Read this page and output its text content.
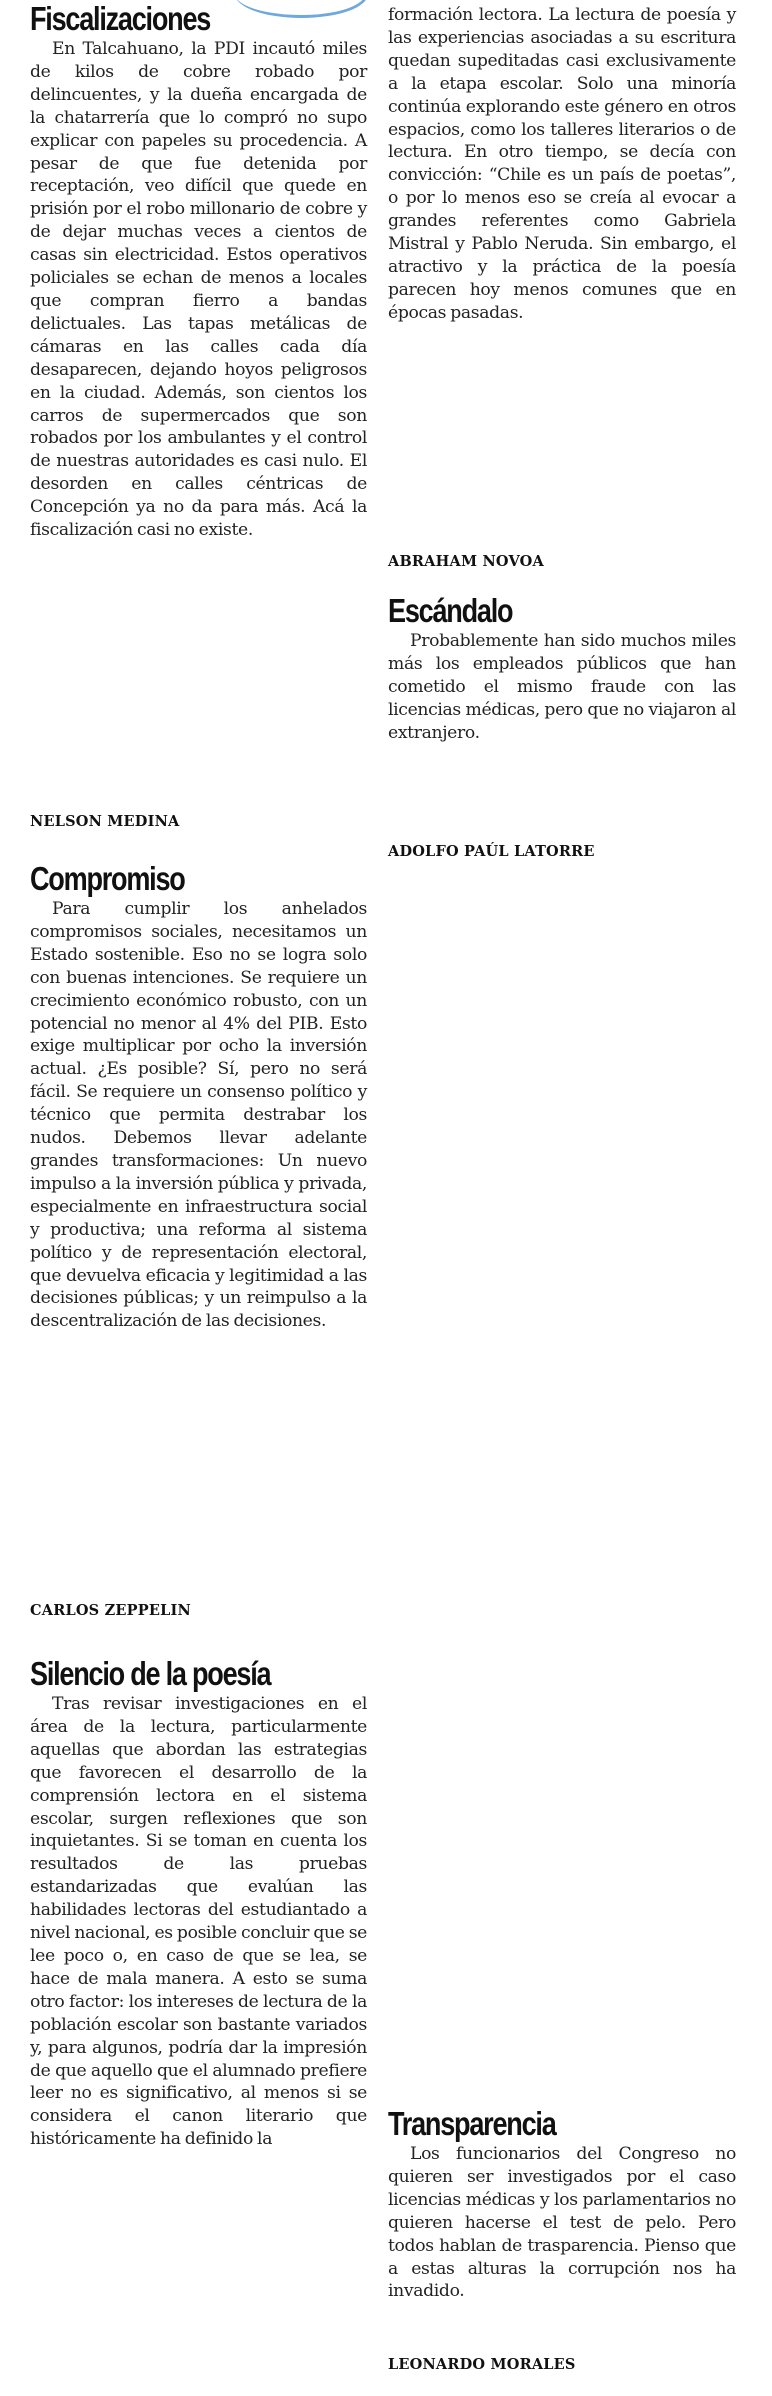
Fiscalizaciones

En Talcahuano, la PDI incautó miles de kilos de cobre robado por delincuentes, y la dueña encargada de la chatarrería que lo compró no supo explicar con papeles su procedencia. A pesar de que fue detenida por receptación, veo difícil que quede en prisión por el robo millonario de cobre y de dejar muchas veces a cientos de casas sin electricidad. Estos operativos policiales se echan de menos a locales que compran fierro a bandas delictuales. Las tapas metálicas de cámaras en las calles cada día desaparecen, dejando hoyos peligrosos en la ciudad. Además, son cientos los carros de supermercados que son robados por los ambulantes y el control de nuestras autoridades es casi nulo. El desorden en calles céntricas de Concepción ya no da para más. Acá la fiscalización casi no existe.

NELSON MEDINA

Compromiso

Para cumplir los anhelados compromisos sociales, necesitamos un Estado sostenible. Eso no se logra solo con buenas intenciones. Se requiere un crecimiento económico robusto, con un potencial no menor al 4% del PIB. Esto exige multiplicar por ocho la inversión actual. ¿Es posible? Sí, pero no será fácil. Se requiere un consenso político y técnico que permita destrabar los nudos. Debemos llevar adelante grandes transformaciones: Un nuevo impulso a la inversión pública y privada, especialmente en infraestructura social y productiva; una reforma al sistema político y de representación electoral, que devuelva eficacia y legitimidad a las decisiones públicas; y un reimpulso a la descentralización de las decisiones.

CARLOS ZEPPELIN

Silencio de la poesía

Tras revisar investigaciones en el área de la lectura, particularmente aquellas que abordan las estrategias que favorecen el desarrollo de la comprensión lectora en el sistema escolar, surgen reflexiones que son inquietantes. Si se toman en cuenta los resultados de las pruebas estandarizadas que evalúan las habilidades lectoras del estudiantado a nivel nacional, es posible concluir que se lee poco o, en caso de que se lea, se hace de mala manera. A esto se suma otro factor: los intereses de lectura de la población escolar son bastante variados y, para algunos, podría dar la impresión de que aquello que el alumnado prefiere leer no es significativo, al menos si se considera el canon literario que históricamente ha definido la

formación lectora. La lectura de poesía y las experiencias asociadas a su escritura quedan supeditadas casi exclusivamente a la etapa escolar. Solo una minoría continúa explorando este género en otros espacios, como los talleres literarios o de lectura. En otro tiempo, se decía con convicción: “Chile es un país de poetas”, o por lo menos eso se creía al evocar a grandes referentes como Gabriela Mistral y Pablo Neruda. Sin embargo, el atractivo y la práctica de la poesía parecen hoy menos comunes que en épocas pasadas.

ABRAHAM NOVOA

Escándalo

Probablemente han sido muchos miles más los empleados públicos que han cometido el mismo fraude con las licencias médicas, pero que no viajaron al extranjero.

ADOLFO PAÚL LATORRE

Transparencia

Los funcionarios del Congreso no quieren ser investigados por el caso licencias médicas y los parlamentarios no quieren hacerse el test de pelo. Pero todos hablan de trasparencia. Pienso que a estas alturas la corrupción nos ha invadido.

LEONARDO MORALES
